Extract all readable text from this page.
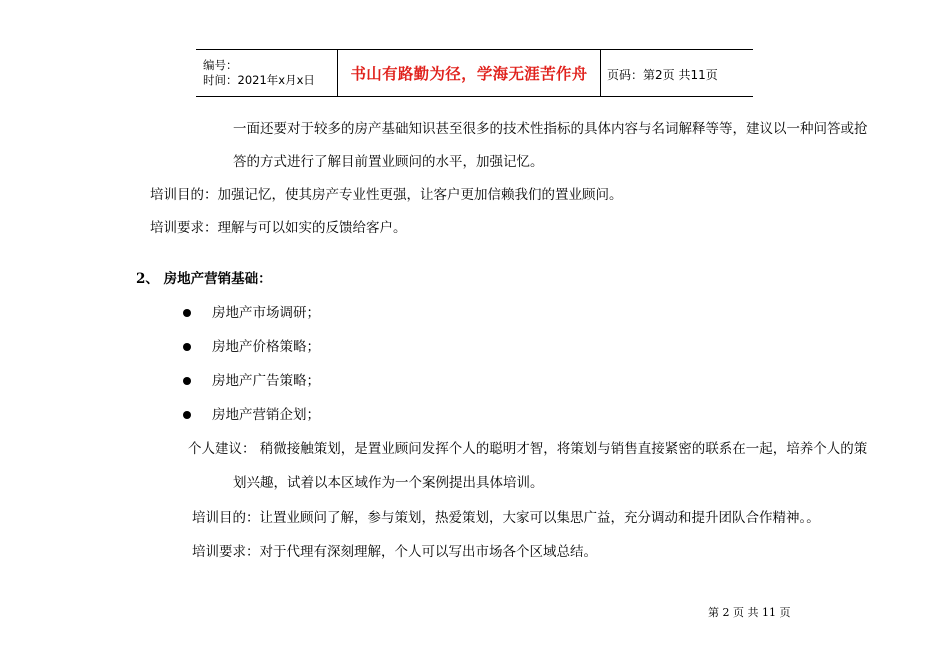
编号：
时间：2021年x月x日	书山有路勤为径，学海无涯苦作舟	页码：第2页 共11页
一面还要对于较多的房产基础知识甚至很多的技术性指标的具体内容与名词解释等等，建议以一种问答或抢
答的方式进行了解目前置业顾问的水平，加强记忆。
培训目的：加强记忆，使其房产专业性更强，让客户更加信赖我们的置业顾问。
培训要求：理解与可以如实的反馈给客户。
2、 房地产营销基础：
房地产市场调研；
房地产价格策略；
房地产广告策略；
房地产营销企划；
个人建议： 稍微接触策划，是置业顾问发挥个人的聪明才智，将策划与销售直接紧密的联系在一起，培养个人的策
划兴趣，试着以本区域作为一个案例提出具体培训。
培训目的：让置业顾问了解，参与策划，热爱策划，大家可以集思广益，充分调动和提升团队合作精神。。
培训要求：对于代理有深刻理解，个人可以写出市场各个区域总结。
第 2 页 共 11 页
